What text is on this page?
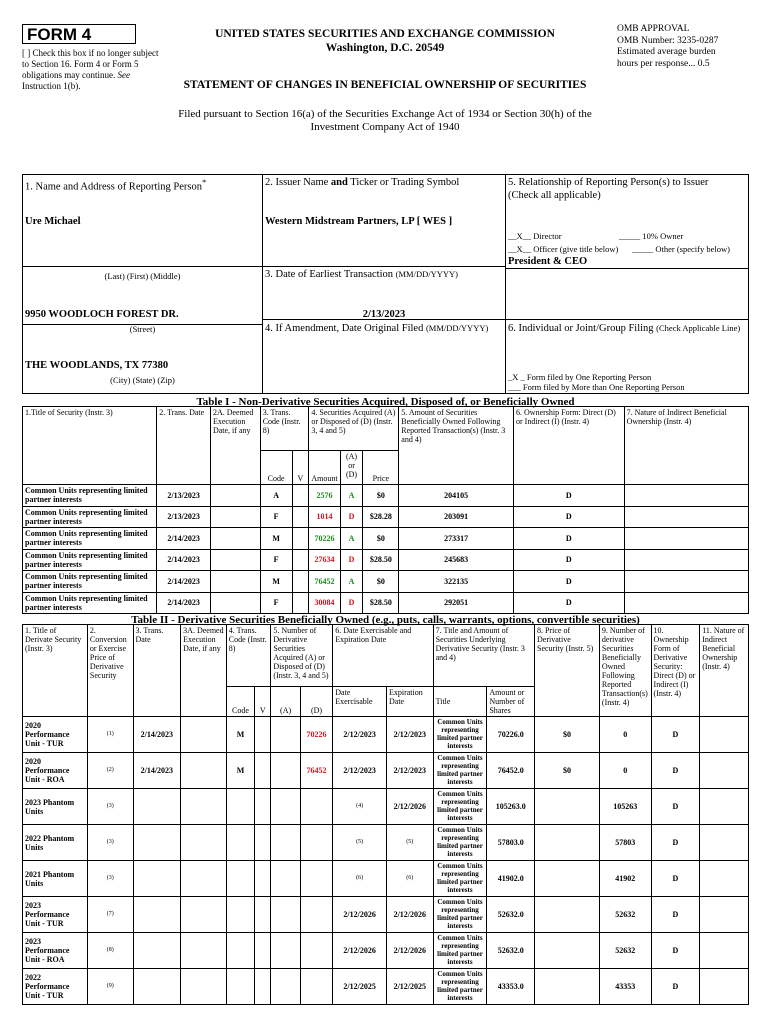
FORM 4
[ ] Check this box if no longer subject to Section 16. Form 4 or Form 5 obligations may continue. See Instruction 1(b).
UNITED STATES SECURITIES AND EXCHANGE COMMISSION
Washington, D.C. 20549
OMB APPROVAL
OMB Number: 3235-0287
Estimated average burden
hours per response... 0.5
STATEMENT OF CHANGES IN BENEFICIAL OWNERSHIP OF SECURITIES
Filed pursuant to Section 16(a) of the Securities Exchange Act of 1934 or Section 30(h) of the
Investment Company Act of 1940
1. Name and Address of Reporting Person*
Ure Michael
(Last) (First) (Middle)
9950 WOODLOCH FOREST DR.
(Street)
THE WOODLANDS, TX 77380
(City) (State) (Zip)
2. Issuer Name and Ticker or Trading Symbol
Western Midstream Partners, LP [ WES ]
3. Date of Earliest Transaction (MM/DD/YYYY)
2/13/2023
4. If Amendment, Date Original Filed (MM/DD/YYYY)
5. Relationship of Reporting Person(s) to Issuer
(Check all applicable)
__X__ Director	_____ 10% Owner
__X__ Officer (give title below) _____ Other (specify below)
President & CEO
6. Individual or Joint/Group Filing (Check Applicable Line)
_X _ Form filed by One Reporting Person
___ Form filed by More than One Reporting Person
Table I - Non-Derivative Securities Acquired, Disposed of, or Beneficially Owned
1.Title of Security (Instr. 3)	2. Trans. Date	2A. Deemed Execution Date, if any	3. Trans. Code (Instr. 8)		4. Securities Acquired (A) or Disposed of (D) (Instr. 3, 4 and 5)			5. Amount of Securities Beneficially Owned Following Reported Transaction(s) (Instr. 3 and 4)	6. Ownership Form: Direct (D) or Indirect (I) (Instr. 4)	7. Nature of Indirect Beneficial Ownership (Instr. 4)
			Code	V	Amount	(A) or (D)	Price			
Common Units representing limited partner interests	2/13/2023		A		2576	A	$0	204105	D	
Common Units representing limited partner interests	2/13/2023		F		1014	D	$28.28	203091	D	
Common Units representing limited partner interests	2/14/2023		M		70226	A	$0	273317	D	
Common Units representing limited partner interests	2/14/2023		F		27634	D	$28.50	245683	D	
Common Units representing limited partner interests	2/14/2023		M		76452	A	$0	322135	D	
Common Units representing limited partner interests	2/14/2023		F		30084	D	$28.50	292051	D	
Table II - Derivative Securities Beneficially Owned (e.g., puts, calls, warrants, options, convertible securities)
1. Title of Derivate Security (Instr. 3)	2. Conversion or Exercise Price of Derivative Security	3. Trans. Date	3A. Deemed Execution Date, if any	4. Trans. Code (Instr. 8)		5. Number of Derivative Securities Acquired (A) or Disposed of (D) (Instr. 3, 4 and 5)		6. Date Exercisable and Expiration Date		7. Title and Amount of Securities Underlying Derivative Security (Instr. 3 and 4)		8. Price of Derivative Security (Instr. 5)	9. Number of derivative Securities Beneficially Owned Following Reported Transaction(s) (Instr. 4)	10. Ownership Form of Derivative Security: Direct (D) or Indirect (I) (Instr. 4)	11. Nature of Indirect Beneficial Ownership (Instr. 4)
				Code	V	(A)	(D)	Date Exercisable	Expiration Date	Title	Amount or Number of Shares				
2020 Performance Unit - TUR	(1)	2/14/2023		M			70226	2/12/2023	2/12/2023	Common Units representing limited partner interests	70226.0	$0	0	D	
2020 Performance Unit - ROA	(2)	2/14/2023		M			76452	2/12/2023	2/12/2023	Common Units representing limited partner interests	76452.0	$0	0	D	
2023 Phantom Units	(3)							(4)	2/12/2026	Common Units representing limited partner interests	105263.0		105263	D	
2022 Phantom Units	(3)							(5)	(5)	Common Units representing limited partner interests	57803.0		57803	D	
2021 Phantom Units	(3)							(6)	(6)	Common Units representing limited partner interests	41902.0		41902	D	
2023 Performance Unit - TUR	(7)							2/12/2026	2/12/2026	Common Units representing limited partner interests	52632.0		52632	D	
2023 Performance Unit - ROA	(8)							2/12/2026	2/12/2026	Common Units representing limited partner interests	52632.0		52632	D	
2022 Performance Unit - TUR	(9)							2/12/2025	2/12/2025	Common Units representing limited partner interests	43353.0		43353	D	
